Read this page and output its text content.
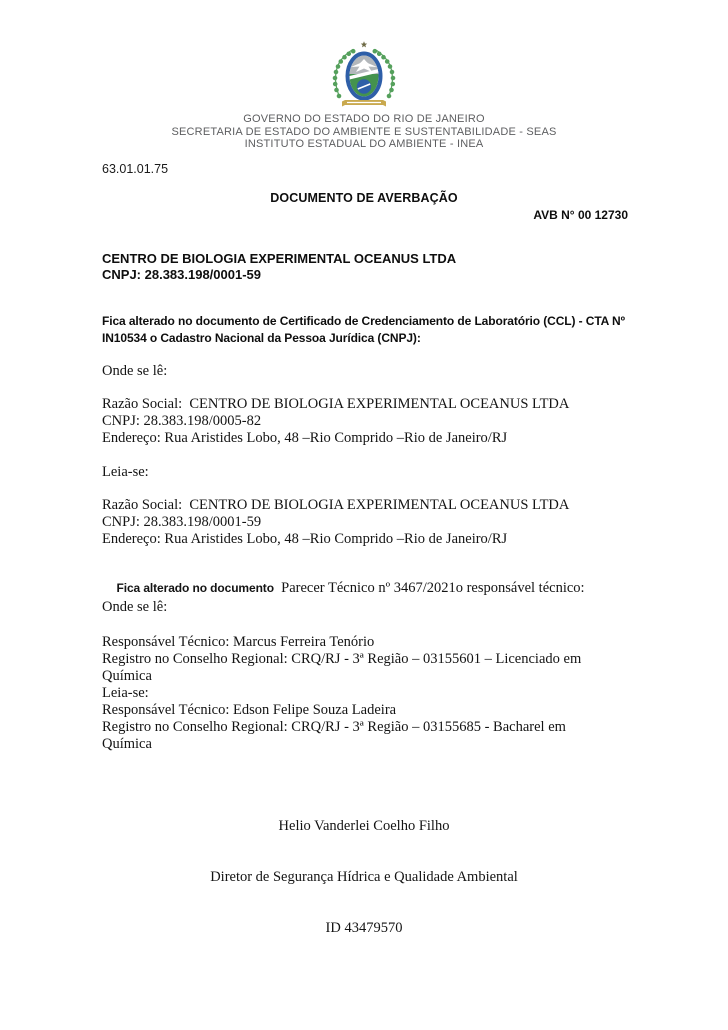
GOVERNO DO ESTADO DO RIO DE JANEIRO
SECRETARIA DE ESTADO DO AMBIENTE E SUSTENTABILIDADE - SEAS
INSTITUTO ESTADUAL DO AMBIENTE - INEA
63.01.01.75
DOCUMENTO DE AVERBAÇÃO
AVB N° 00 12730
CENTRO DE BIOLOGIA EXPERIMENTAL OCEANUS LTDA
CNPJ: 28.383.198/0001-59
Fica alterado no documento de Certificado de Credenciamento de Laboratório (CCL) - CTA Nº
IN10534 o Cadastro Nacional da Pessoa Jurídica (CNPJ):
Onde se lê:
Razão Social:  CENTRO DE BIOLOGIA EXPERIMENTAL OCEANUS LTDA
CNPJ: 28.383.198/0005-82
Endereço: Rua Aristides Lobo, 48 –Rio Comprido –Rio de Janeiro/RJ
Leia-se:
Razão Social:  CENTRO DE BIOLOGIA EXPERIMENTAL OCEANUS LTDA
CNPJ: 28.383.198/0001-59
Endereço: Rua Aristides Lobo, 48 –Rio Comprido –Rio de Janeiro/RJ

Fica alterado no documento  Parecer Técnico nº 3467/2021o responsável técnico:

Onde se lê:
Responsável Técnico: Marcus Ferreira Tenório
Registro no Conselho Regional: CRQ/RJ - 3ª Região – 03155601 – Licenciado em
Química
Leia-se:
Responsável Técnico: Edson Felipe Souza Ladeira
Registro no Conselho Regional: CRQ/RJ - 3ª Região – 03155685 - Bacharel em
Química

Helio Vanderlei Coelho Filho

Diretor de Segurança Hídrica e Qualidade Ambiental

ID 43479570
